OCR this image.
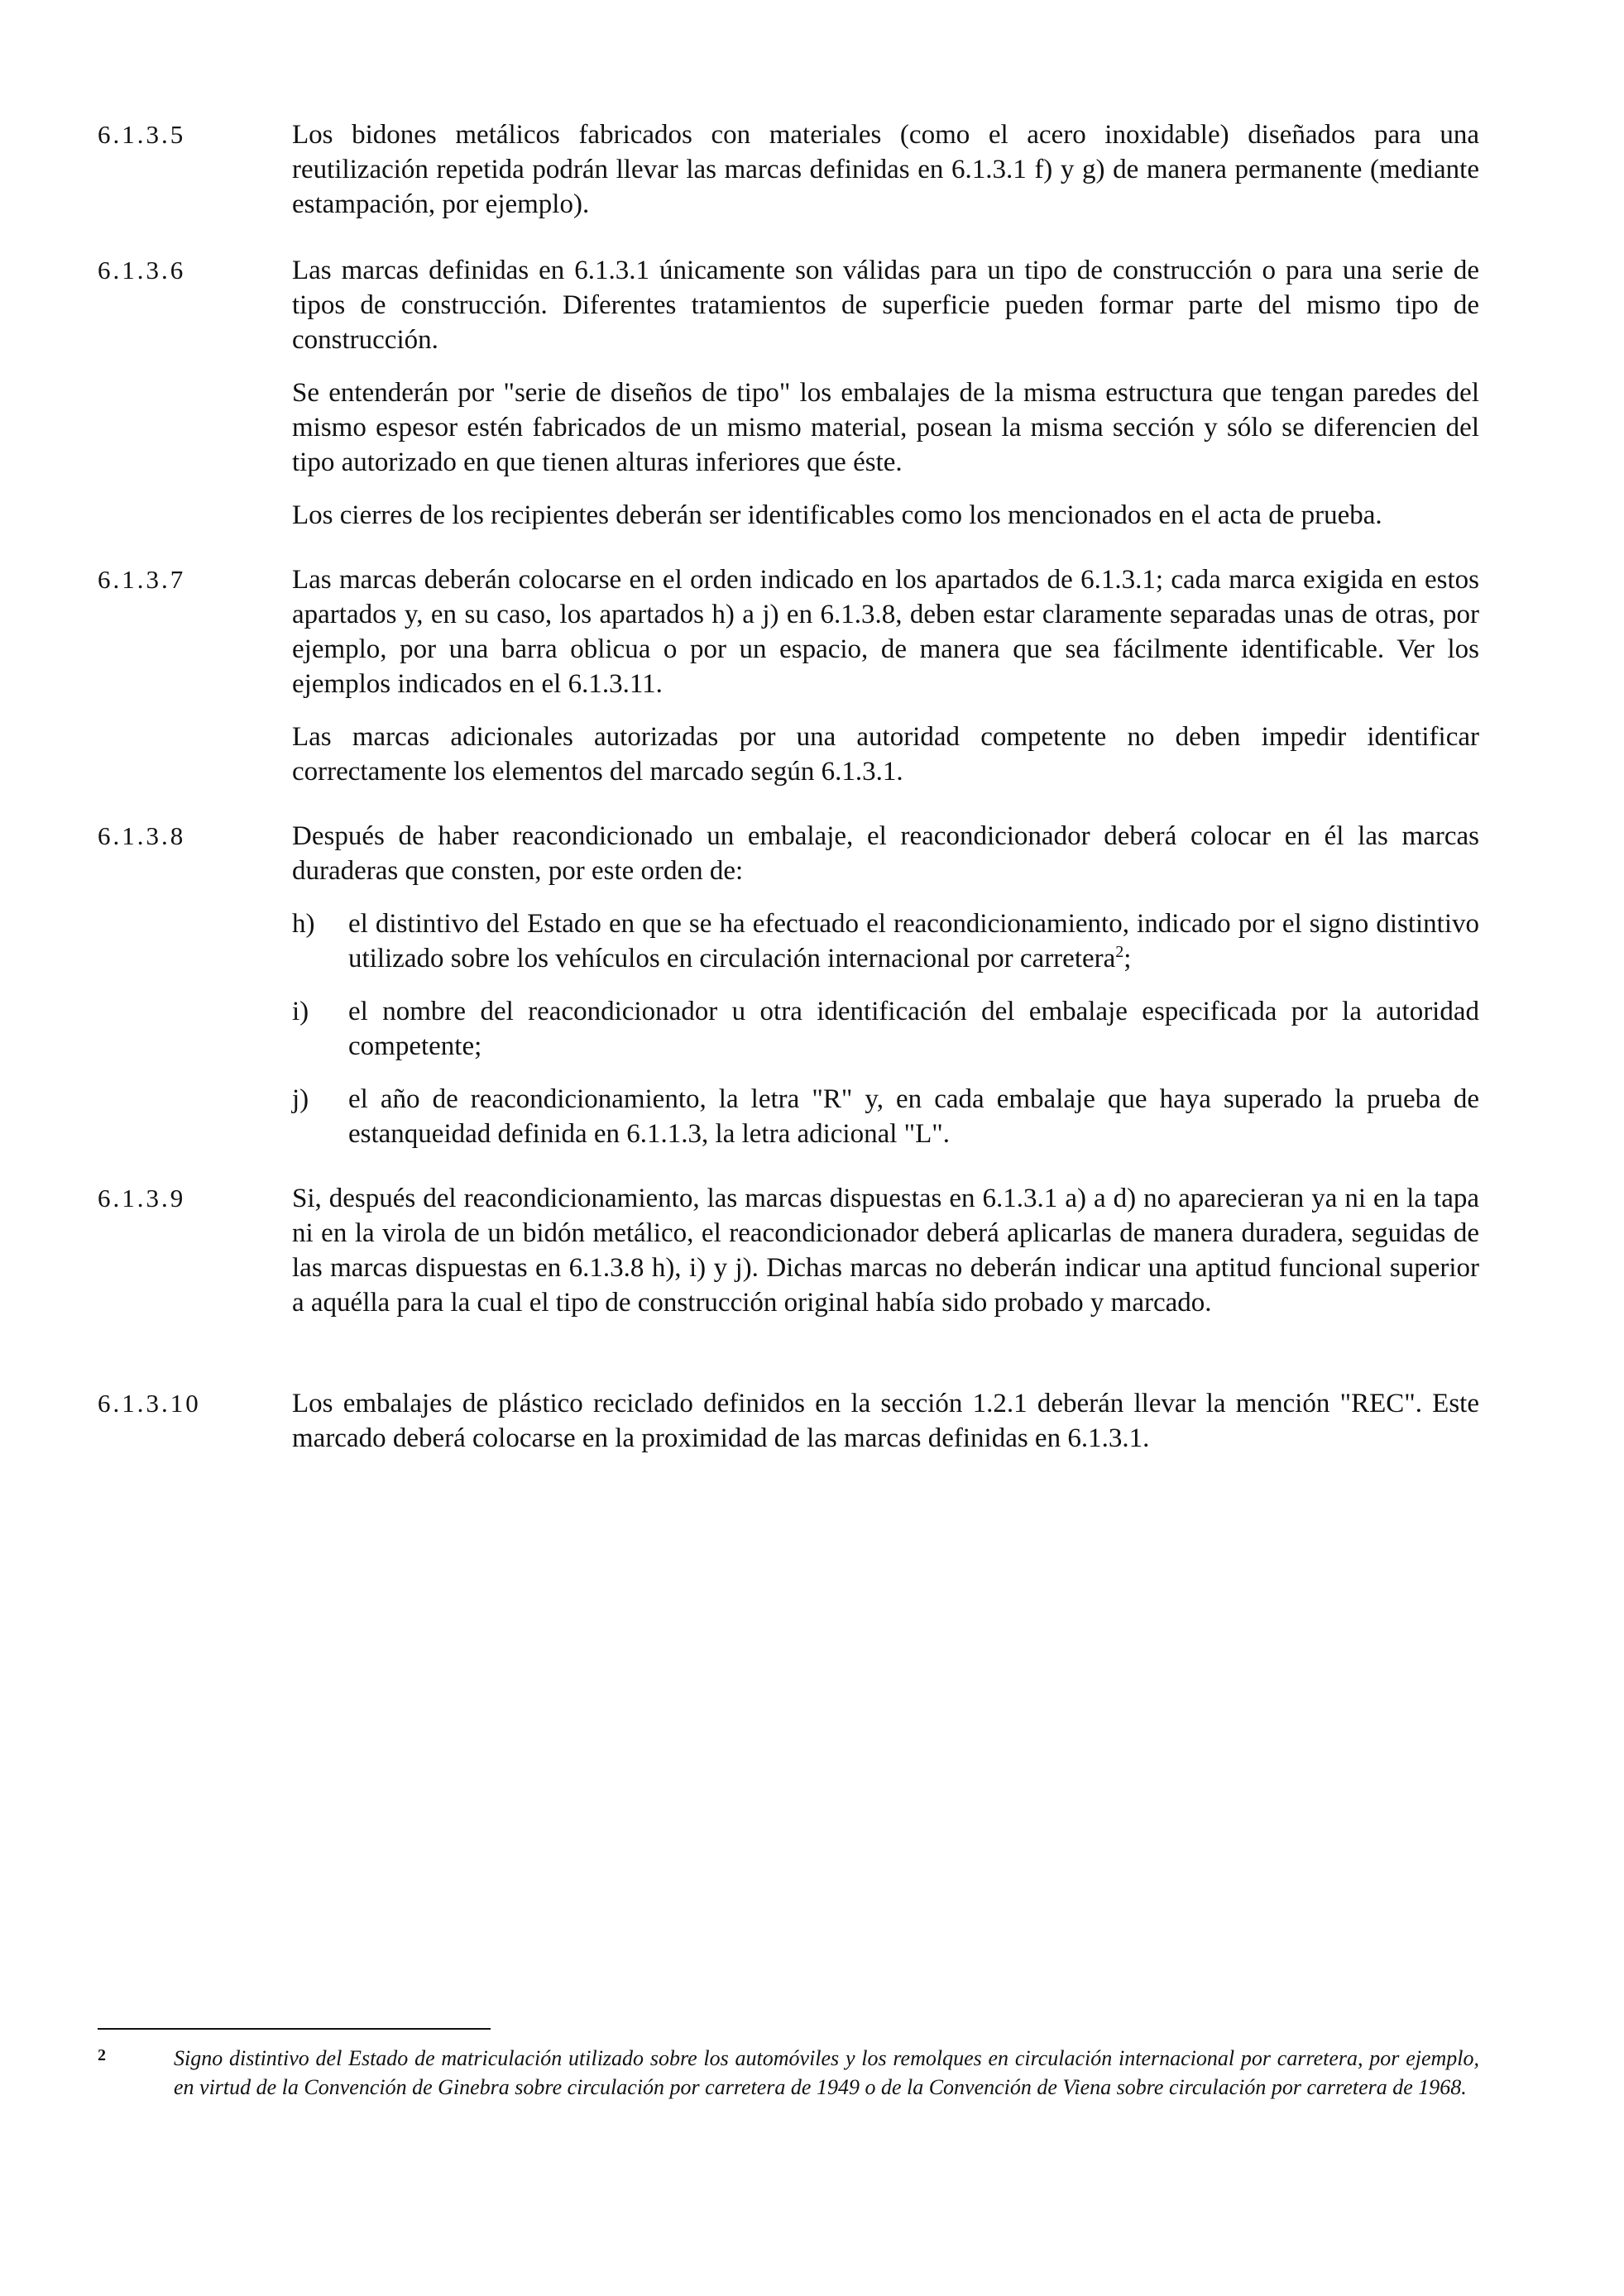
6.1.3.5	Los bidones metálicos fabricados con materiales (como el acero inoxidable) diseñados para una reutilización repetida podrán llevar las marcas definidas en 6.1.3.1 f) y g) de manera permanente (mediante estampación, por ejemplo).

6.1.3.6	Las marcas definidas en 6.1.3.1 únicamente son válidas para un tipo de construcción o para una serie de tipos de construcción. Diferentes tratamientos de superficie pueden formar parte del mismo tipo de construcción.

Se entenderán por "serie de diseños de tipo" los embalajes de la misma estructura que tengan paredes del mismo espesor estén fabricados de un mismo material, posean la misma sección y sólo se diferencien del tipo autorizado en que tienen alturas inferiores que éste.

Los cierres de los recipientes deberán ser identificables como los mencionados en el acta de prueba.

6.1.3.7	Las marcas deberán colocarse en el orden indicado en los apartados de 6.1.3.1; cada marca exigida en estos apartados y, en su caso, los apartados h) a j) en 6.1.3.8, deben estar claramente separadas unas de otras, por ejemplo, por una barra oblicua o por un espacio, de manera que sea fácilmente identificable. Ver los ejemplos indicados en el 6.1.3.11.

Las marcas adicionales autorizadas por una autoridad competente no deben impedir identificar correctamente los elementos del marcado según 6.1.3.1.

6.1.3.8	Después de haber reacondicionado un embalaje, el reacondicionador deberá colocar en él las marcas duraderas que consten, por este orden de:

h) el distintivo del Estado en que se ha efectuado el reacondicionamiento, indicado por el signo distintivo utilizado sobre los vehículos en circulación internacional por carretera$^2$;
i) el nombre del reacondicionador u otra identificación del embalaje especificada por la autoridad competente;
j) el año de reacondicionamiento, la letra "R" y, en cada embalaje que haya superado la prueba de estanqueidad definida en 6.1.1.3, la letra adicional "L".
6.1.3.9	Si, después del reacondicionamiento, las marcas dispuestas en 6.1.3.1 a) a d) no aparecieran ya ni en la tapa ni en la virola de un bidón metálico, el reacondicionador deberá aplicarlas de manera duradera, seguidas de las marcas dispuestas en 6.1.3.8 h), i) y j). Dichas marcas no deberán indicar una aptitud funcional superior a aquélla para la cual el tipo de construcción original había sido probado y marcado.

6.1.3.10	Los embalajes de plástico reciclado definidos en la sección 1.2.1 deberán llevar la mención "REC". Este marcado deberá colocarse en la proximidad de las marcas definidas en 6.1.3.1.

2	Signo distintivo del Estado de matriculación utilizado sobre los automóviles y los remolques en circulación internacional por carretera, por ejemplo, en virtud de la Convención de Ginebra sobre circulación por carretera de 1949 o de la Convención de Viena sobre circulación por carretera de 1968.
